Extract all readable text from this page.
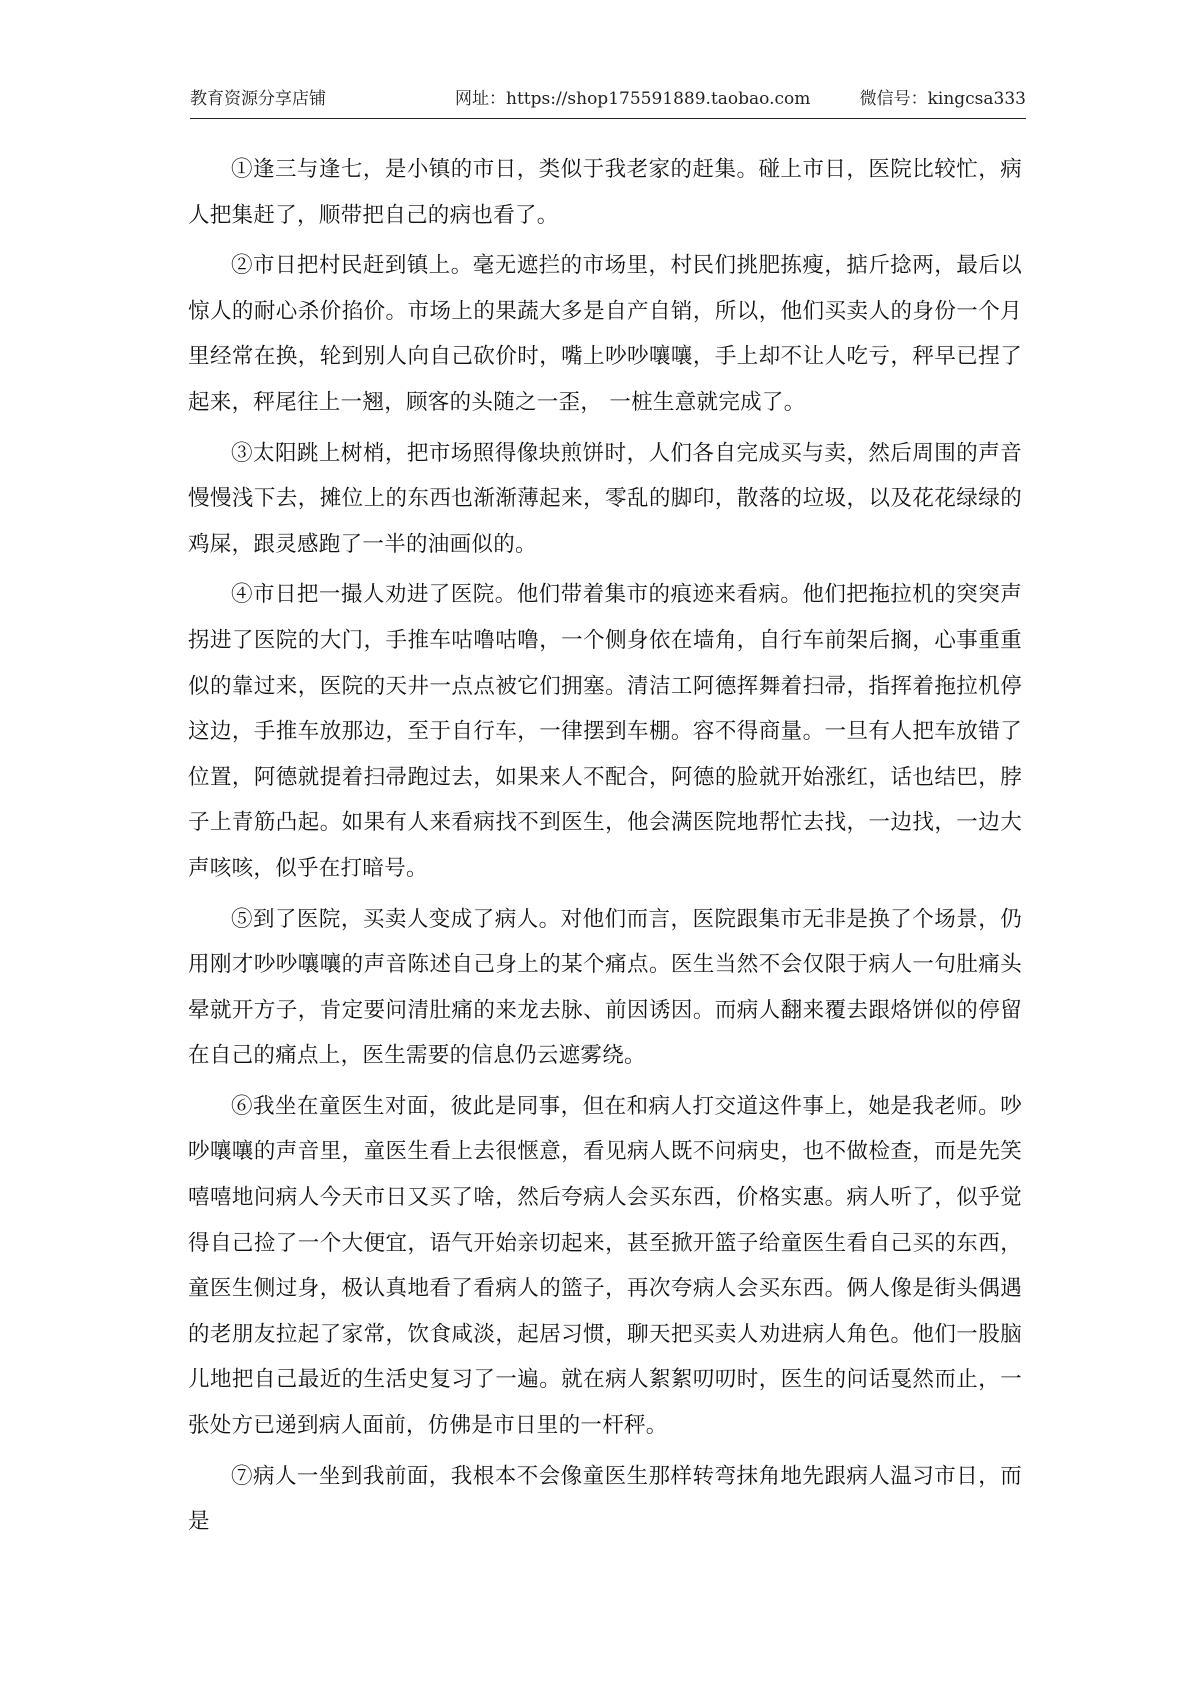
教育资源分享店铺	网址：https://shop175591889.taobao.com	微信号：kingcsa333

①逢三与逢七，是小镇的市日，类似于我老家的赶集。碰上市日，医院比较忙，病人把集赶了，顺带把自己的病也看了。

②市日把村民赶到镇上。毫无遮拦的市场里，村民们挑肥拣瘦，掂斤捻两，最后以惊人的耐心杀价掐价。市场上的果蔬大多是自产自销，所以，他们买卖人的身份一个月里经常在换，轮到别人向自己砍价时，嘴上吵吵嚷嚷，手上却不让人吃亏，秤早已捏了起来，秤尾往上一翘，顾客的头随之一歪， 一桩生意就完成了。

③太阳跳上树梢，把市场照得像块煎饼时，人们各自完成买与卖，然后周围的声音慢慢浅下去，摊位上的东西也渐渐薄起来，零乱的脚印，散落的垃圾，以及花花绿绿的鸡屎，跟灵感跑了一半的油画似的。

④市日把一撮人劝进了医院。他们带着集市的痕迹来看病。他们把拖拉机的突突声拐进了医院的大门，手推车咕噜咕噜，一个侧身依在墙角，自行车前架后搁，心事重重似的靠过来，医院的天井一点点被它们拥塞。清洁工阿德挥舞着扫帚，指挥着拖拉机停这边，手推车放那边，至于自行车，一律摆到车棚。容不得商量。一旦有人把车放错了位置，阿德就提着扫帚跑过去，如果来人不配合，阿德的脸就开始涨红，话也结巴，脖子上青筋凸起。如果有人来看病找不到医生，他会满医院地帮忙去找，一边找，一边大声咳咳，似乎在打暗号。

⑤到了医院，买卖人变成了病人。对他们而言，医院跟集市无非是换了个场景，仍用刚才吵吵嚷嚷的声音陈述自己身上的某个痛点。医生当然不会仅限于病人一句肚痛头晕就开方子，肯定要问清肚痛的来龙去脉、前因诱因。而病人翻来覆去跟烙饼似的停留在自己的痛点上，医生需要的信息仍云遮雾绕。

⑥我坐在童医生对面，彼此是同事，但在和病人打交道这件事上，她是我老师。吵吵嚷嚷的声音里，童医生看上去很惬意，看见病人既不问病史，也不做检查，而是先笑嘻嘻地问病人今天市日又买了啥，然后夸病人会买东西，价格实惠。病人听了，似乎觉得自己捡了一个大便宜，语气开始亲切起来，甚至掀开篮子给童医生看自己买的东西，童医生侧过身，极认真地看了看病人的篮子，再次夸病人会买东西。俩人像是街头偶遇的老朋友拉起了家常，饮食咸淡，起居习惯，聊天把买卖人劝进病人角色。他们一股脑儿地把自己最近的生活史复习了一遍。就在病人絮絮叨叨时，医生的问话戛然而止，一张处方已递到病人面前，仿佛是市日里的一杆秤。

⑦病人一坐到我前面，我根本不会像童医生那样转弯抹角地先跟病人温习市日，而是
